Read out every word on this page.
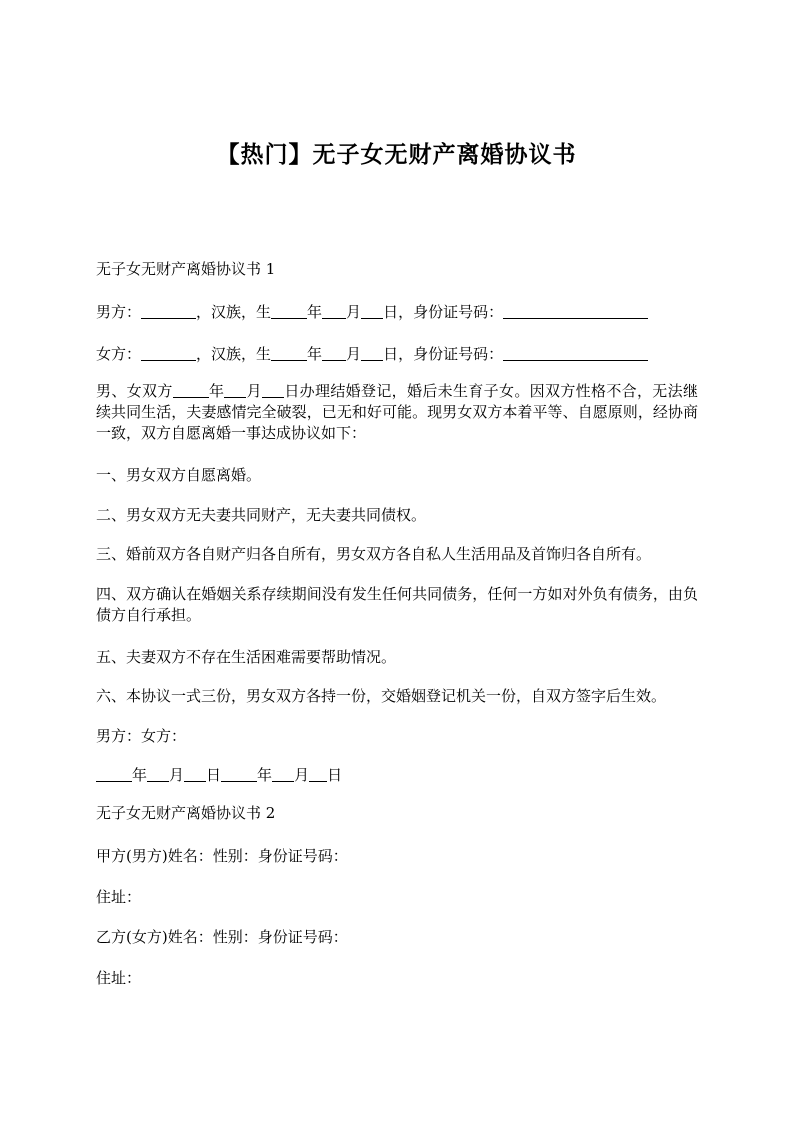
【热门】无子女无财产离婚协议书
无子女无财产离婚协议书 1
男方：	，汉族，生 年 月 日，身份证号码：
女方：	，汉族，生 年 月 日，身份证号码：
男、女双方 年 月 日办理结婚登记，婚后未生育子女。因双方性格不合，无法继续共同生活，夫妻感情完全破裂，已无和好可能。现男女双方本着平等、自愿原则，经协商一致，双方自愿离婚一事达成协议如下：
一、男女双方自愿离婚。
二、男女双方无夫妻共同财产，无夫妻共同债权。
三、婚前双方各自财产归各自所有，男女双方各自私人生活用品及首饰归各自所有。
四、双方确认在婚姻关系存续期间没有发生任何共同债务，任何一方如对外负有债务，由负债方自行承担。
五、夫妻双方不存在生活困难需要帮助情况。
六、本协议一式三份，男女双方各持一份，交婚姻登记机关一份，自双方签字后生效。
男方：女方：
年 月 日 年 月 日
无子女无财产离婚协议书 2
甲方(男方)姓名：性别：身份证号码：
住址：
乙方(女方)姓名：性别：身份证号码：
住址：
